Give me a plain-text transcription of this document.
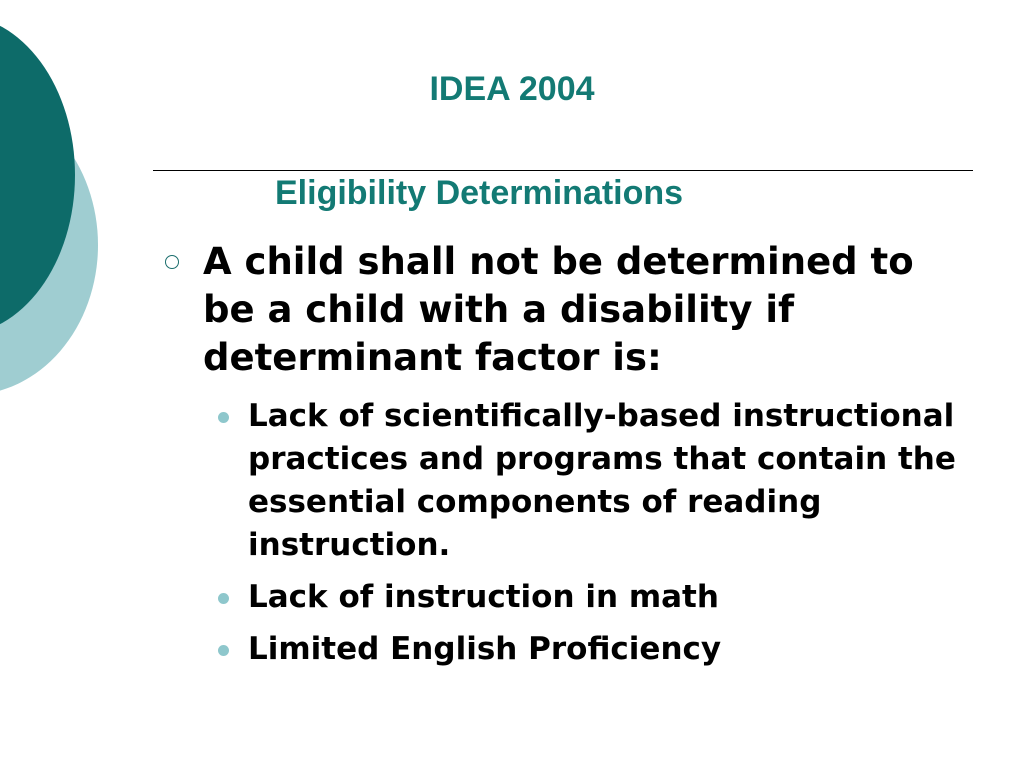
IDEA 2004
Eligibility Determinations

A child shall not be determined to be a child with a disability if determinant factor is:

Lack of scientifically-based instructional practices and programs that contain the essential components of reading instruction.
Lack of instruction in math
Limited English Proficiency
